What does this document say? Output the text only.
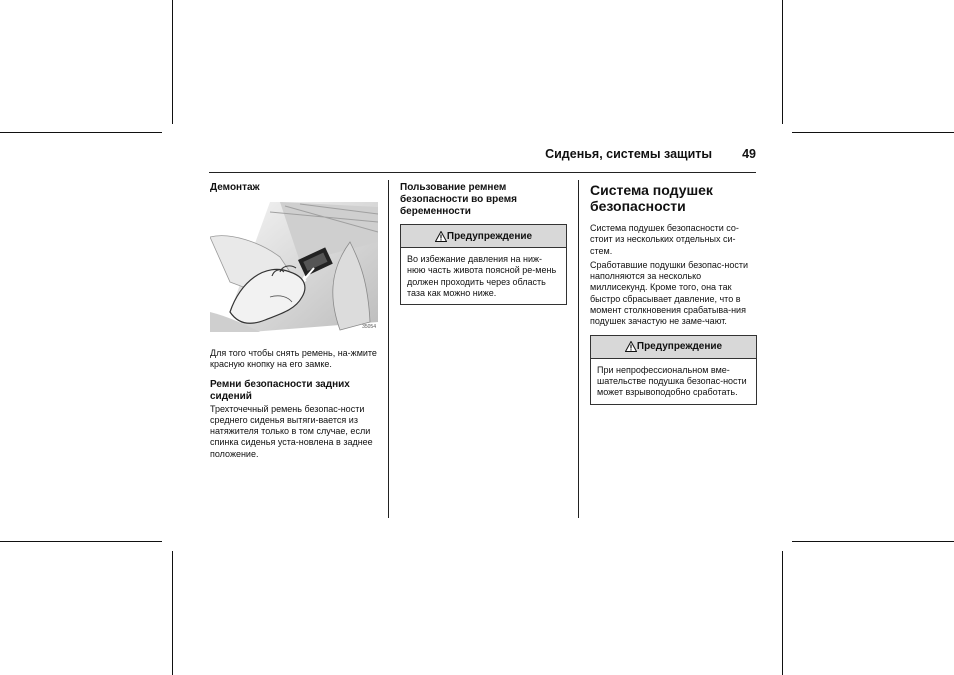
Сиденья, системы защиты 49

Демонтаж

35054

Для того чтобы снять ремень, на-жмите красную кнопку на его замке.

Ремни безопасности задних сидений

Трехточечный ремень безопас-ности среднего сиденья вытяги-вается из натяжителя только в том случае, если спинка сиденья уста-новлена в заднее положение.

Пользование ремнем безопасности во время беременности

Предупреждение

Во избежание давления на ниж-нюю часть живота поясной ре-мень должен проходить через область таза как можно ниже.

Система подушек безопасности

Система подушек безопасности со-стоит из нескольких отдельных си-стем.

Сработавшие подушки безопас-ности наполняются за несколько миллисекунд. Кроме того, она так быстро сбрасывает давление, что в момент столкновения срабатыва-ния подушек зачастую не заме-чают.

Предупреждение

При непрофессиональном вме-шательстве подушка безопас-ности может взрывоподобно сработать.
